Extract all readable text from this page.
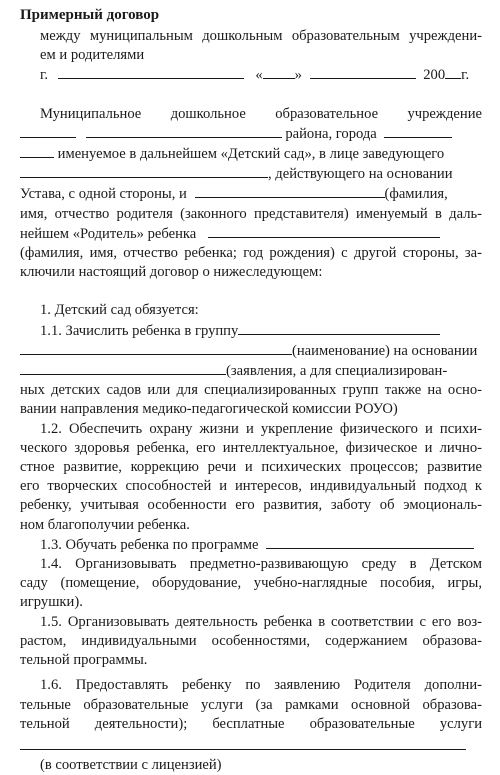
Примерный договор
между муниципальным дошкольным образовательным учреждени-
ем и родителями
г.	« »	200 г.
Муниципальное дошкольное образовательное учреждение
района, города
именуемое в дальнейшем «Детский сад», в лице заведующего
, действующего на основании
Устава, с одной стороны, и	(фамилия,
имя, отчество родителя (законного представителя) именуемый в даль-
нейшем «Родитель» ребенка
(фамилия, имя, отчество ребенка; год рождения) с другой стороны, за-
ключили настоящий договор о нижеследующем:
1. Детский сад обязуется:
1.1. Зачислить ребенка в группу
(наименование) на основании
(заявления, а для специализирован-
ных детских садов или для специализированных групп также на осно-
вании направления медико-педагогической комиссии РОУО)
1.2. Обеспечить охрану жизни и укрепление физического и психи-
ческого здоровья ребенка, его интеллектуальное, физическое и лично-
стное развитие, коррекцию речи и психических процессов; развитие
его творческих способностей и интересов, индивидуальный подход к
ребенку, учитывая особенности его развития, заботу об эмоциональ-
ном благополучии ребенка.
1.3. Обучать ребенка по программе
1.4. Организовывать предметно-развивающую среду в Детском
саду (помещение, оборудование, учебно-наглядные пособия, игры,
игрушки).
1.5. Организовывать деятельность ребенка в соответствии с его воз-
растом, индивидуальными особенностями, содержанием образова-
тельной программы.
1.6. Предоставлять ребенку по заявлению Родителя дополни-
тельные образовательные услуги (за рамками основной образова-
тельной деятельности); бесплатные образовательные услуги
(в соответствии с лицензией)
